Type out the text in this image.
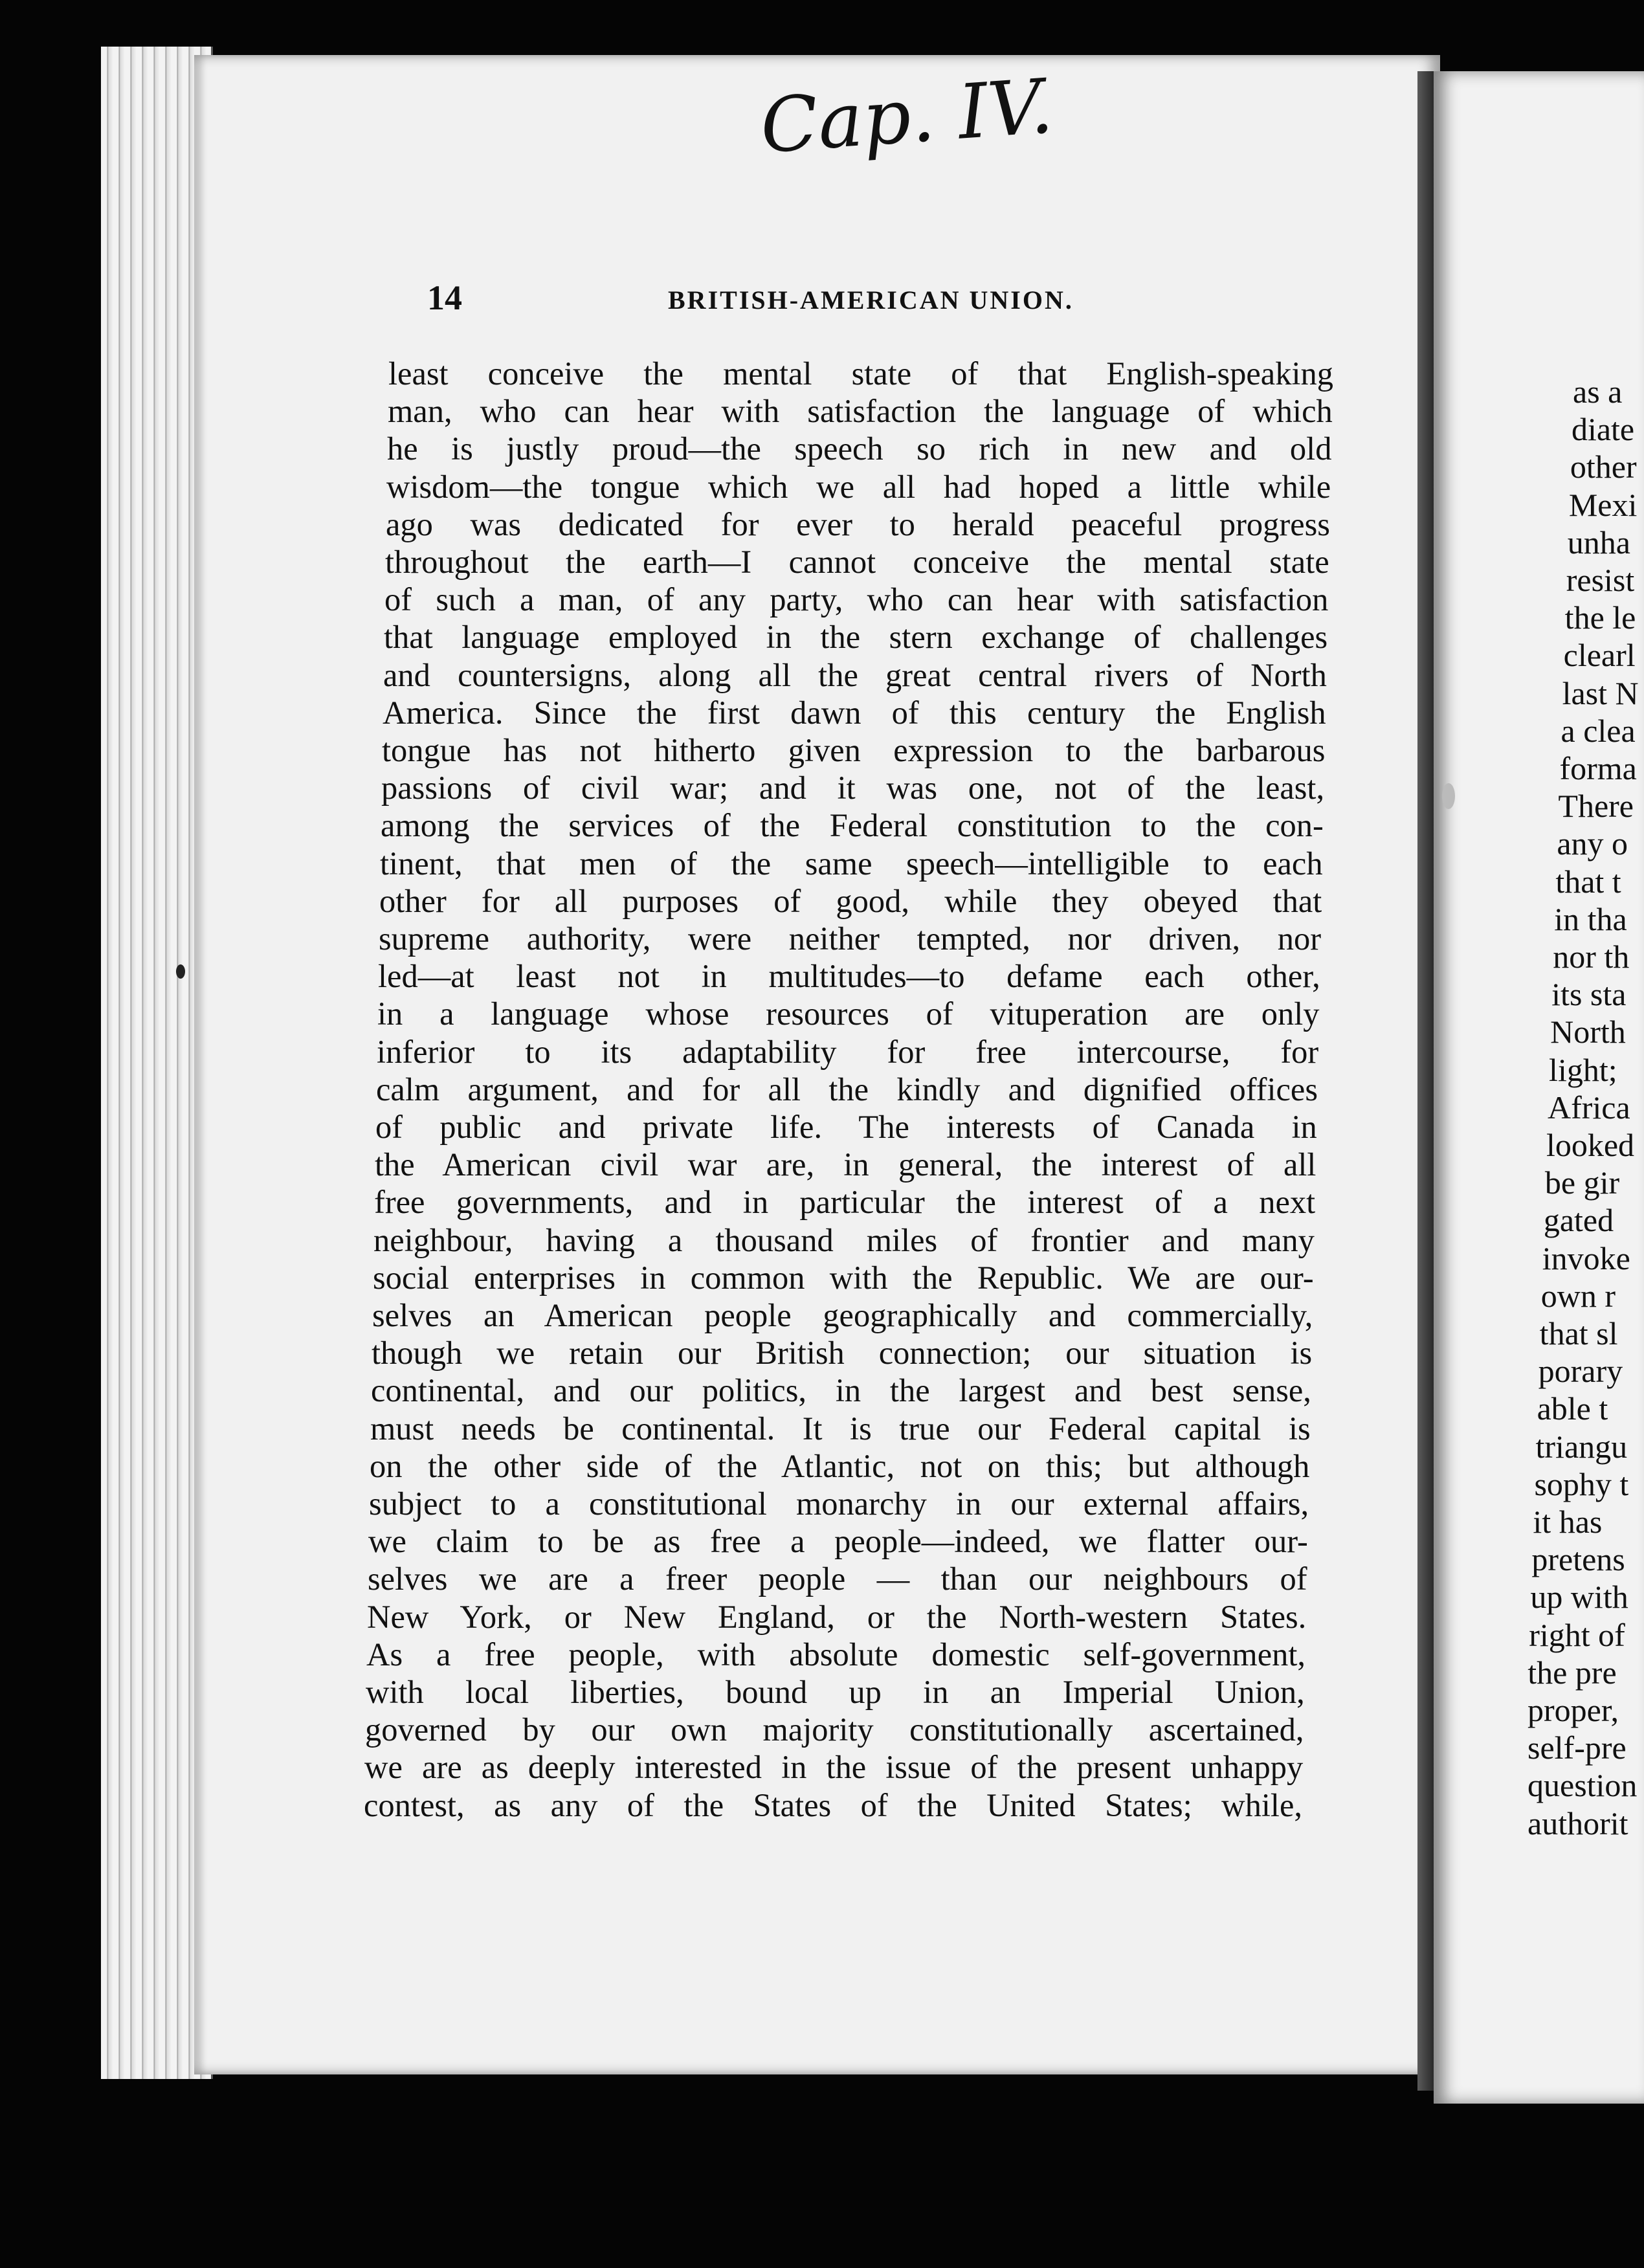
Cap. IV.
14	BRITISH-AMERICAN UNION.
least conceive the mental state of that English-speaking
man, who can hear with satisfaction the language of which
he is justly proud—the speech so rich in new and old
wisdom—the tongue which we all had hoped a little while
ago was dedicated for ever to herald peaceful progress
throughout the earth—I cannot conceive the mental state
of such a man, of any party, who can hear with satisfaction
that language employed in the stern exchange of challenges
and countersigns, along all the great central rivers of North
America. Since the first dawn of this century the English
tongue has not hitherto given expression to the barbarous
passions of civil war; and it was one, not of the least,
among the services of the Federal constitution to the con-
tinent, that men of the same speech—intelligible to each
other for all purposes of good, while they obeyed that
supreme authority, were neither tempted, nor driven, nor
led—at least not in multitudes—to defame each other,
in a language whose resources of vituperation are only
inferior to its adaptability for free intercourse, for
calm argument, and for all the kindly and dignified offices
of public and private life. The interests of Canada in
the American civil war are, in general, the interest of all
free governments, and in particular the interest of a next
neighbour, having a thousand miles of frontier and many
social enterprises in common with the Republic. We are our-
selves an American people geographically and commercially,
though we retain our British connection; our situation is
continental, and our politics, in the largest and best sense,
must needs be continental. It is true our Federal capital is
on the other side of the Atlantic, not on this; but although
subject to a constitutional monarchy in our external affairs,
we claim to be as free a people—indeed, we flatter our-
selves we are a freer people — than our neighbours of
New York, or New England, or the North-western States.
As a free people, with absolute domestic self-government,
with local liberties, bound up in an Imperial Union,
governed by our own majority constitutionally ascertained,
we are as deeply interested in the issue of the present unhappy
contest, as any of the States of the United States; while,
as a
diate
other
Mexi
unha
resist
the le
clearl
last N
a clea
forma
There
any o
that t
in tha
nor th
its sta
North
light;
Africa
looked
be gir
gated
invoke
own r
that sl
porary
able t
triangu
sophy t
it has
pretens
up with
right of
the pre
proper,
self-pre
question
authorit
